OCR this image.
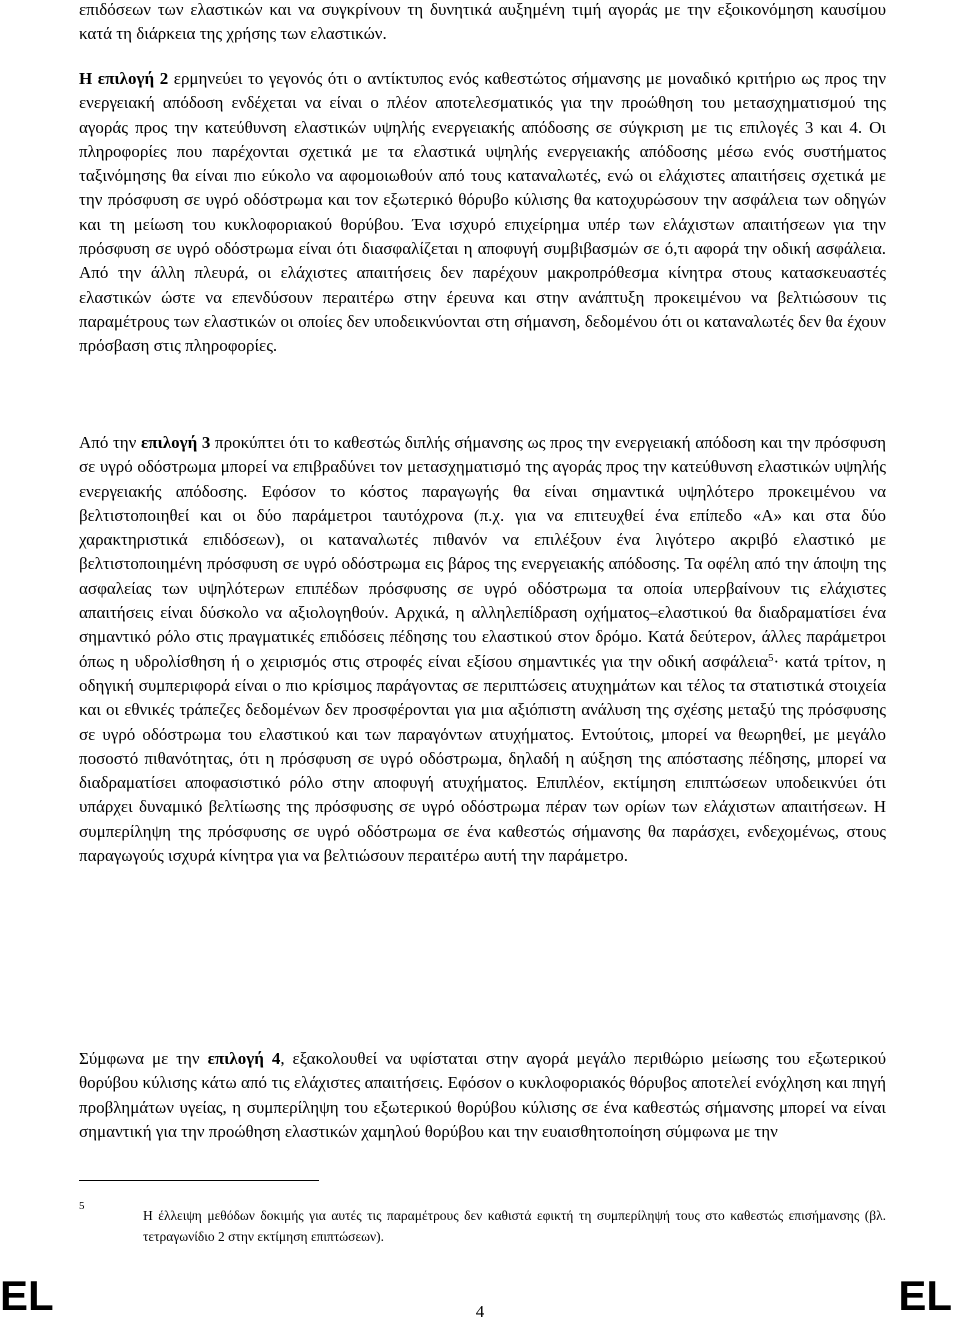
επιδόσεων των ελαστικών και να συγκρίνουν τη δυνητικά αυξημένη τιμή αγοράς με την εξοικονόμηση καυσίμου κατά τη διάρκεια της χρήσης των ελαστικών.

Η επιλογή 2 ερμηνεύει το γεγονός ότι ο αντίκτυπος ενός καθεστώτος σήμανσης με μοναδικό κριτήριο ως προς την ενεργειακή απόδοση ενδέχεται να είναι ο πλέον αποτελεσματικός για την προώθηση του μετασχηματισμού της αγοράς προς την κατεύθυνση ελαστικών υψηλής ενεργειακής απόδοσης σε σύγκριση με τις επιλογές 3 και 4. Οι πληροφορίες που παρέχονται σχετικά με τα ελαστικά υψηλής ενεργειακής απόδοσης μέσω ενός συστήματος ταξινόμησης θα είναι πιο εύκολο να αφομοιωθούν από τους καταναλωτές, ενώ οι ελάχιστες απαιτήσεις σχετικά με την πρόσφυση σε υγρό οδόστρωμα και τον εξωτερικό θόρυβο κύλισης θα κατοχυρώσουν την ασφάλεια των οδηγών και τη μείωση του κυκλοφοριακού θορύβου. Ένα ισχυρό επιχείρημα υπέρ των ελάχιστων απαιτήσεων για την πρόσφυση σε υγρό οδόστρωμα είναι ότι διασφαλίζεται η αποφυγή συμβιβασμών σε ό,τι αφορά την οδική ασφάλεια. Από την άλλη πλευρά, οι ελάχιστες απαιτήσεις δεν παρέχουν μακροπρόθεσμα κίνητρα στους κατασκευαστές ελαστικών ώστε να επενδύσουν περαιτέρω στην έρευνα και στην ανάπτυξη προκειμένου να βελτιώσουν τις παραμέτρους των ελαστικών οι οποίες δεν υποδεικνύονται στη σήμανση, δεδομένου ότι οι καταναλωτές δεν θα έχουν πρόσβαση στις πληροφορίες.

Από την επιλογή 3 προκύπτει ότι το καθεστώς διπλής σήμανσης ως προς την ενεργειακή απόδοση και την πρόσφυση σε υγρό οδόστρωμα μπορεί να επιβραδύνει τον μετασχηματισμό της αγοράς προς την κατεύθυνση ελαστικών υψηλής ενεργειακής απόδοσης. Εφόσον το κόστος παραγωγής θα είναι σημαντικά υψηλότερο προκειμένου να βελτιστοποιηθεί και οι δύο παράμετροι ταυτόχρονα (π.χ. για να επιτευχθεί ένα επίπεδο «A» και στα δύο χαρακτηριστικά επιδόσεων), οι καταναλωτές πιθανόν να επιλέξουν ένα λιγότερο ακριβό ελαστικό με βελτιστοποιημένη πρόσφυση σε υγρό οδόστρωμα εις βάρος της ενεργειακής απόδοσης. Τα οφέλη από την άποψη της ασφαλείας των υψηλότερων επιπέδων πρόσφυσης σε υγρό οδόστρωμα τα οποία υπερβαίνουν τις ελάχιστες απαιτήσεις είναι δύσκολο να αξιολογηθούν. Αρχικά, η αλληλεπίδραση οχήματος–ελαστικού θα διαδραματίσει ένα σημαντικό ρόλο στις πραγματικές επιδόσεις πέδησης του ελαστικού στον δρόμο. Κατά δεύτερον, άλλες παράμετροι όπως η υδρολίσθηση ή ο χειρισμός στις στροφές είναι εξίσου σημαντικές για την οδική ασφάλεια$^5$· κατά τρίτον, η οδηγική συμπεριφορά είναι ο πιο κρίσιμος παράγοντας σε περιπτώσεις ατυχημάτων και τέλος τα στατιστικά στοιχεία και οι εθνικές τράπεζες δεδομένων δεν προσφέρονται για μια αξιόπιστη ανάλυση της σχέσης μεταξύ της πρόσφυσης σε υγρό οδόστρωμα του ελαστικού και των παραγόντων ατυχήματος. Εντούτοις, μπορεί να θεωρηθεί, με μεγάλο ποσοστό πιθανότητας, ότι η πρόσφυση σε υγρό οδόστρωμα, δηλαδή η αύξηση της απόστασης πέδησης, μπορεί να διαδραματίσει αποφασιστικό ρόλο στην αποφυγή ατυχήματος. Επιπλέον, εκτίμηση επιπτώσεων υποδεικνύει ότι υπάρχει δυναμικό βελτίωσης της πρόσφυσης σε υγρό οδόστρωμα πέραν των ορίων των ελάχιστων απαιτήσεων. Η συμπερίληψη της πρόσφυσης σε υγρό οδόστρωμα σε ένα καθεστώς σήμανσης θα παράσχει, ενδεχομένως, στους παραγωγούς ισχυρά κίνητρα για να βελτιώσουν περαιτέρω αυτή την παράμετρο.

Σύμφωνα με την επιλογή 4, εξακολουθεί να υφίσταται στην αγορά μεγάλο περιθώριο μείωσης του εξωτερικού θορύβου κύλισης κάτω από τις ελάχιστες απαιτήσεις. Εφόσον ο κυκλοφοριακός θόρυβος αποτελεί ενόχληση και πηγή προβλημάτων υγείας, η συμπερίληψη του εξωτερικού θορύβου κύλισης σε ένα καθεστώς σήμανσης μπορεί να είναι σημαντική για την προώθηση ελαστικών χαμηλού θορύβου και την ευαισθητοποίηση σύμφωνα με την

5

Η έλλειψη μεθόδων δοκιμής για αυτές τις παραμέτρους δεν καθιστά εφικτή τη συμπερίληψή τους στο καθεστώς επισήμανσης (βλ. τετραγωνίδιο 2 στην εκτίμηση επιπτώσεων).

EL	4	EL
